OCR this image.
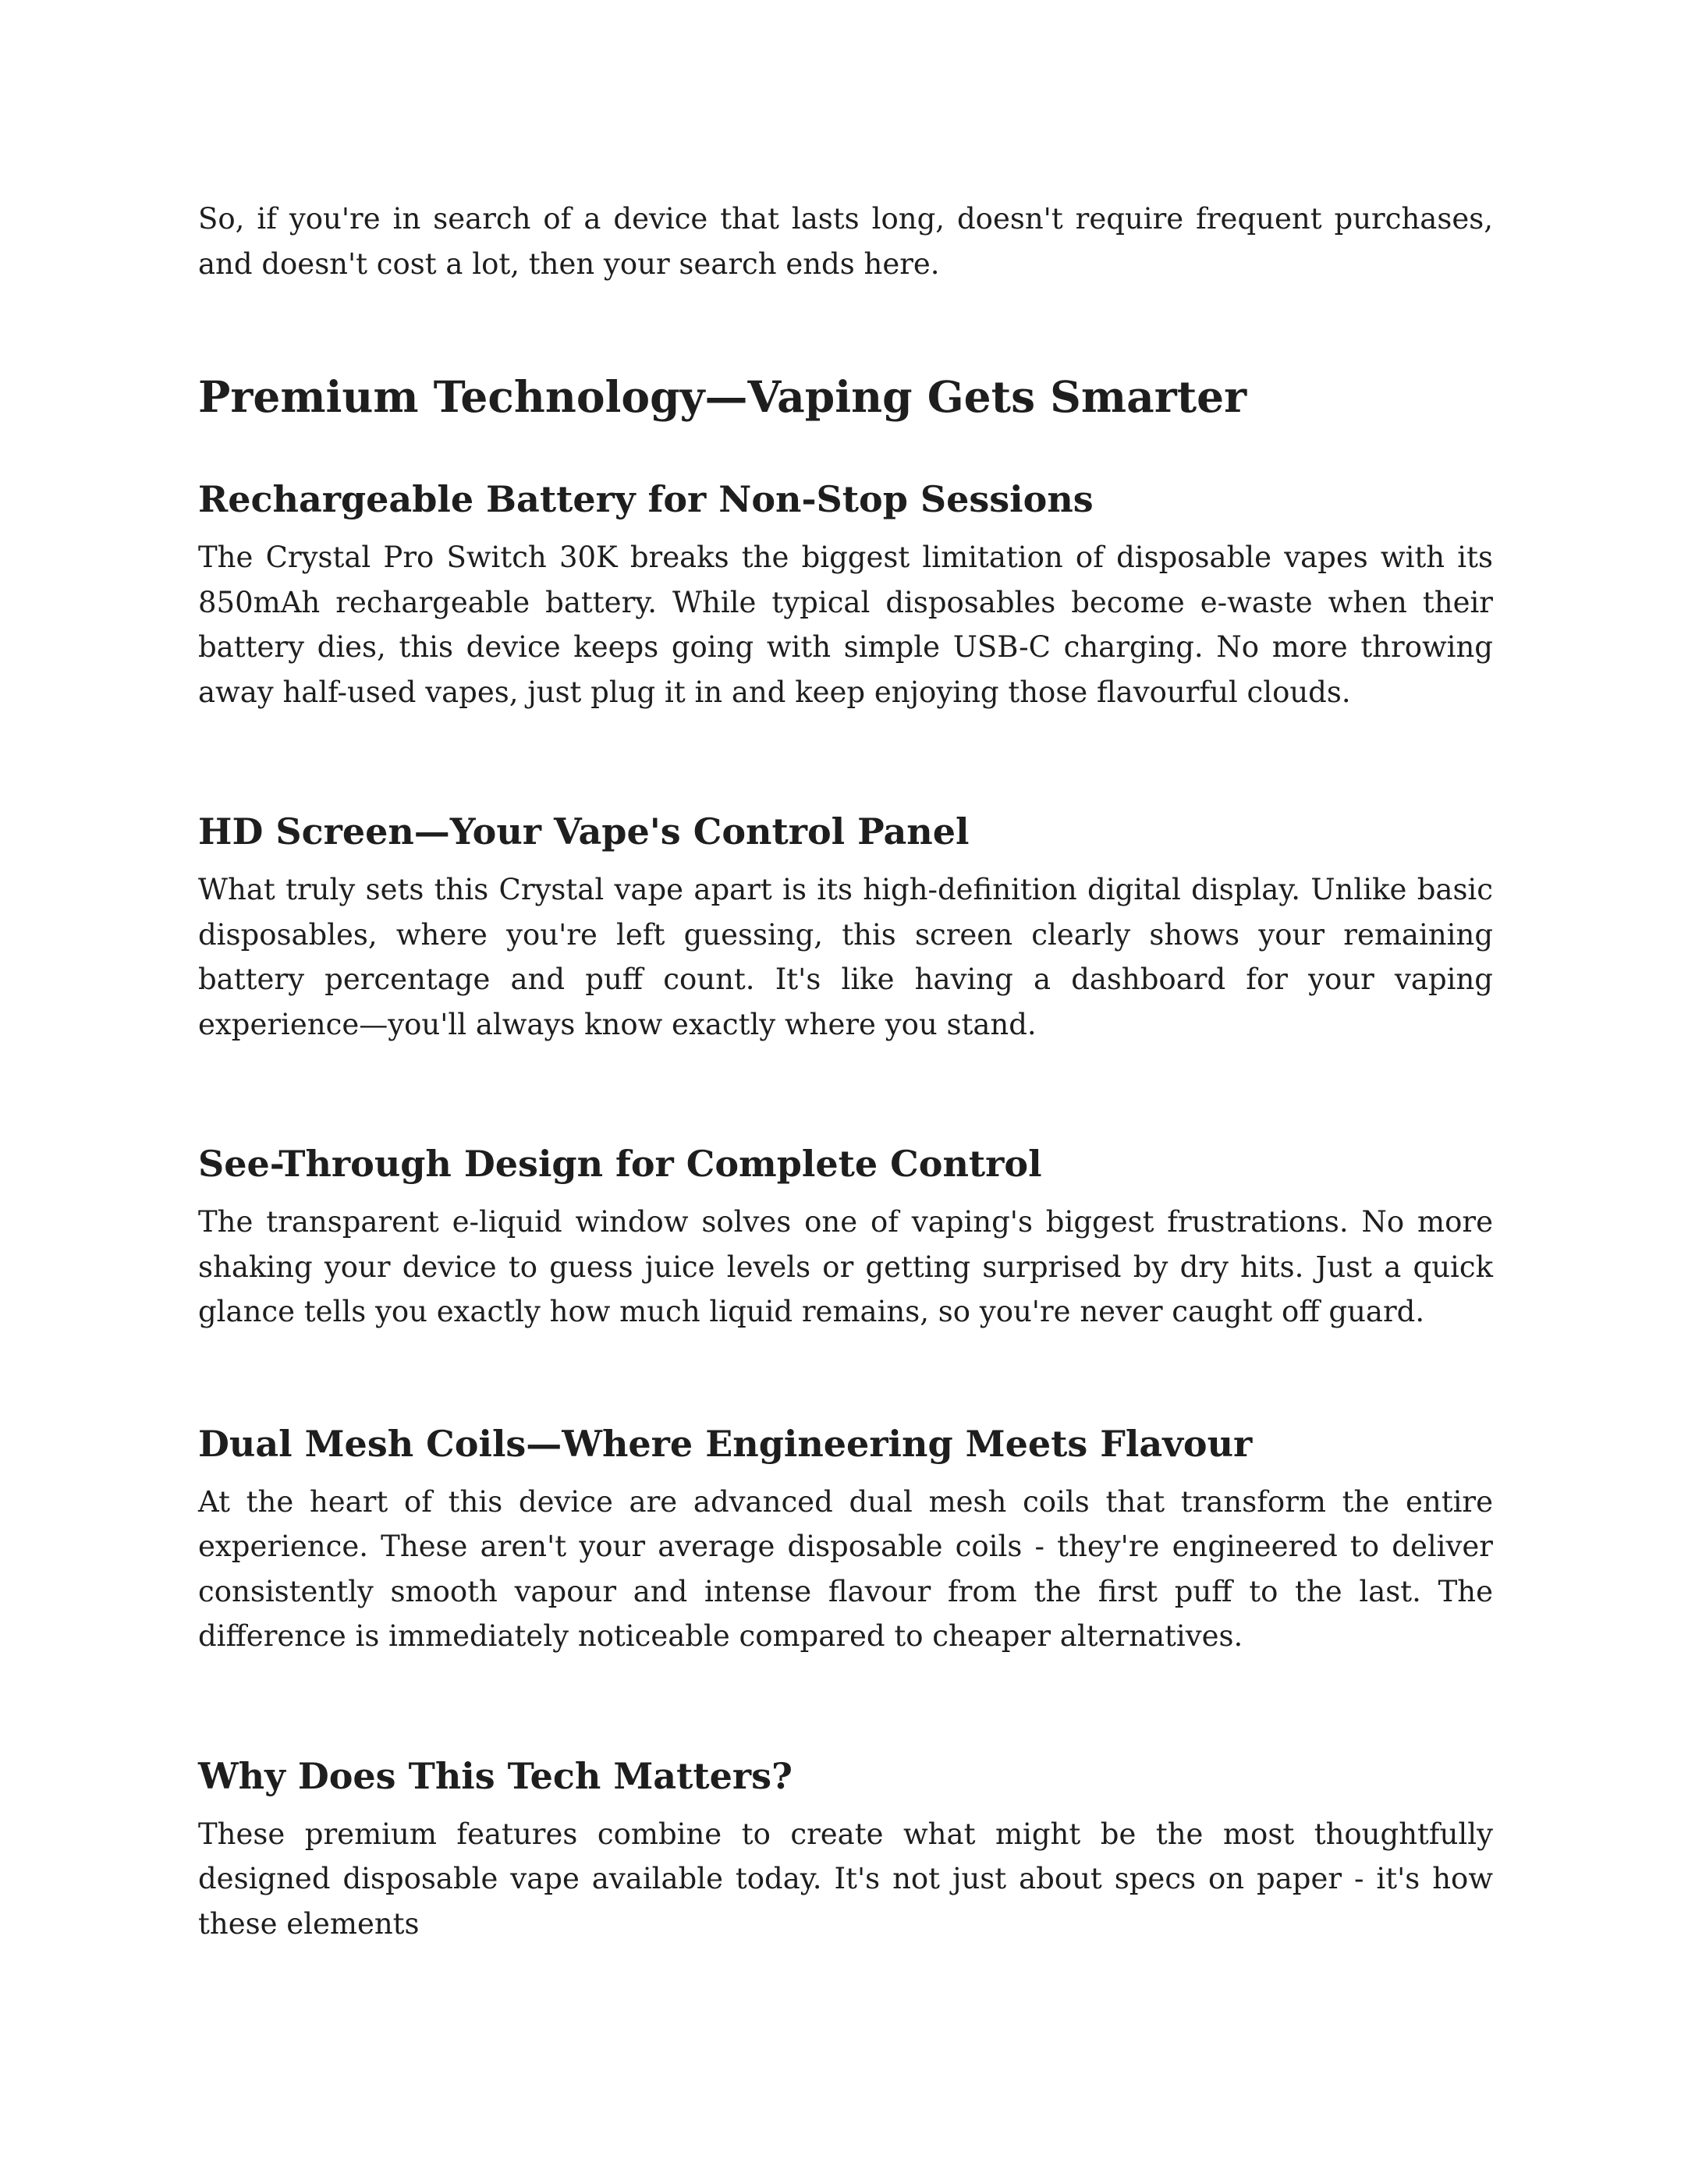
So, if you're in search of a device that lasts long, doesn't require frequent purchases, and doesn't cost a lot, then your search ends here.

Premium Technology—Vaping Gets Smarter
Rechargeable Battery for Non-Stop Sessions

The Crystal Pro Switch 30K breaks the biggest limitation of disposable vapes with its 850mAh rechargeable battery. While typical disposables become e-waste when their battery dies, this device keeps going with simple USB-C charging. No more throwing away half-used vapes, just plug it in and keep enjoying those flavourful clouds.

HD Screen—Your Vape's Control Panel

What truly sets this Crystal vape apart is its high-definition digital display. Unlike basic disposables, where you're left guessing, this screen clearly shows your remaining battery percentage and puff count. It's like having a dashboard for your vaping experience—you'll always know exactly where you stand.

See-Through Design for Complete Control

The transparent e-liquid window solves one of vaping's biggest frustrations. No more shaking your device to guess juice levels or getting surprised by dry hits. Just a quick glance tells you exactly how much liquid remains, so you're never caught off guard.

Dual Mesh Coils—Where Engineering Meets Flavour

At the heart of this device are advanced dual mesh coils that transform the entire experience. These aren't your average disposable coils - they're engineered to deliver consistently smooth vapour and intense flavour from the first puff to the last. The difference is immediately noticeable compared to cheaper alternatives.

Why Does This Tech Matters?

These premium features combine to create what might be the most thoughtfully designed disposable vape available today. It's not just about specs on paper - it's how these elements
